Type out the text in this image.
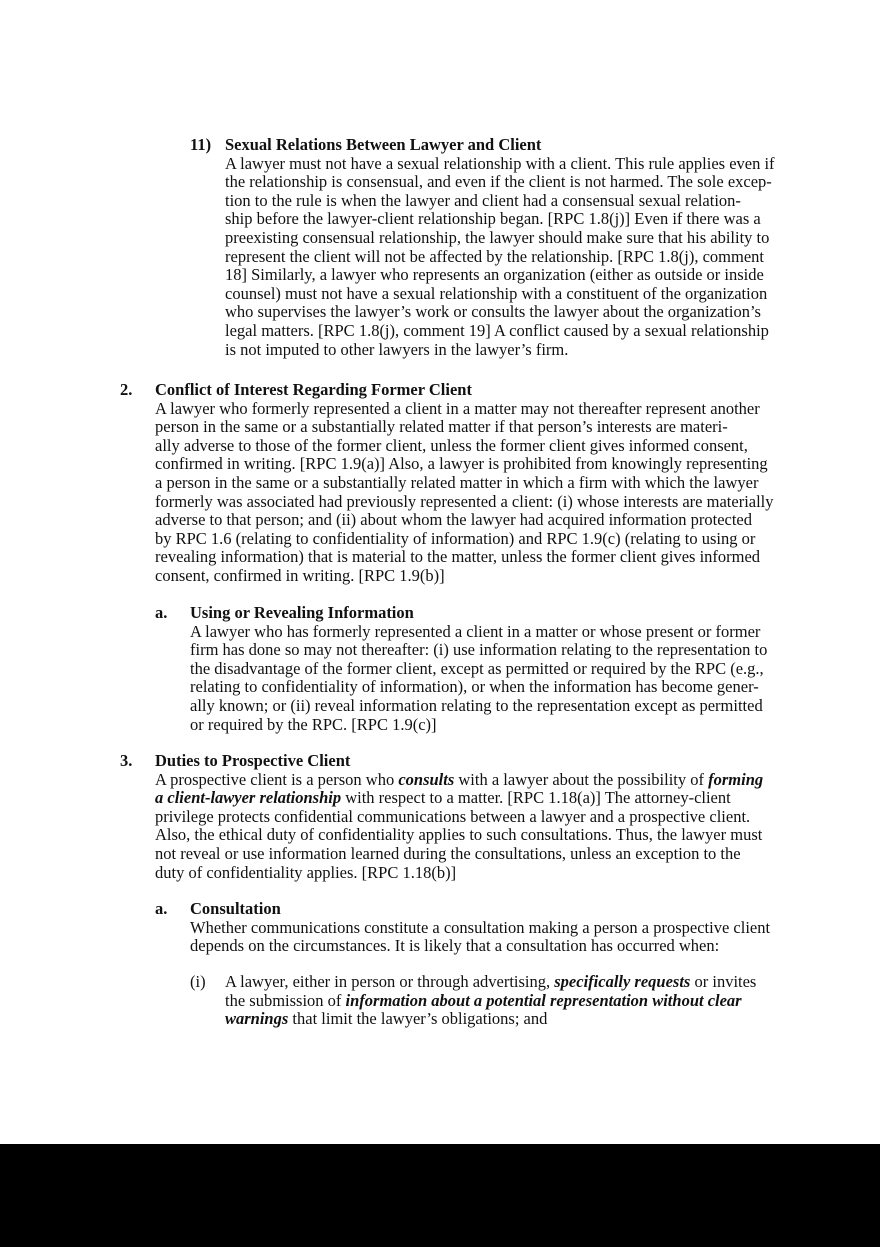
11) Sexual Relations Between Lawyer and Client
A lawyer must not have a sexual relationship with a client. This rule applies even if
the relationship is consensual, and even if the client is not harmed. The sole excep-
tion to the rule is when the lawyer and client had a consensual sexual relation-
ship before the lawyer-client relationship began. [RPC 1.8(j)] Even if there was a
preexisting consensual relationship, the lawyer should make sure that his ability to
represent the client will not be affected by the relationship. [RPC 1.8(j), comment
18] Similarly, a lawyer who represents an organization (either as outside or inside
counsel) must not have a sexual relationship with a constituent of the organization
who supervises the lawyer’s work or consults the lawyer about the organization’s
legal matters. [RPC 1.8(j), comment 19] A conflict caused by a sexual relationship
is not imputed to other lawyers in the lawyer’s firm.
2. Conflict of Interest Regarding Former Client
A lawyer who formerly represented a client in a matter may not thereafter represent another
person in the same or a substantially related matter if that person’s interests are materi-
ally adverse to those of the former client, unless the former client gives informed consent,
confirmed in writing. [RPC 1.9(a)] Also, a lawyer is prohibited from knowingly representing
a person in the same or a substantially related matter in which a firm with which the lawyer
formerly was associated had previously represented a client: (i) whose interests are materially
adverse to that person; and (ii) about whom the lawyer had acquired information protected
by RPC 1.6 (relating to confidentiality of information) and RPC 1.9(c) (relating to using or
revealing information) that is material to the matter, unless the former client gives informed
consent, confirmed in writing. [RPC 1.9(b)]
a. Using or Revealing Information
A lawyer who has formerly represented a client in a matter or whose present or former
firm has done so may not thereafter: (i) use information relating to the representation to
the disadvantage of the former client, except as permitted or required by the RPC (e.g.,
relating to confidentiality of information), or when the information has become gener-
ally known; or (ii) reveal information relating to the representation except as permitted
or required by the RPC. [RPC 1.9(c)]
3. Duties to Prospective Client
A prospective client is a person who consults with a lawyer about the possibility of forming
a client-lawyer relationship with respect to a matter. [RPC 1.18(a)] The attorney-client
privilege protects confidential communications between a lawyer and a prospective client.
Also, the ethical duty of confidentiality applies to such consultations. Thus, the lawyer must
not reveal or use information learned during the consultations, unless an exception to the
duty of confidentiality applies. [RPC 1.18(b)]
a. Consultation
Whether communications constitute a consultation making a person a prospective client
depends on the circumstances. It is likely that a consultation has occurred when:
(i) A lawyer, either in person or through advertising, specifically requests or invites
the submission of information about a potential representation without clear
warnings that limit the lawyer’s obligations; and
